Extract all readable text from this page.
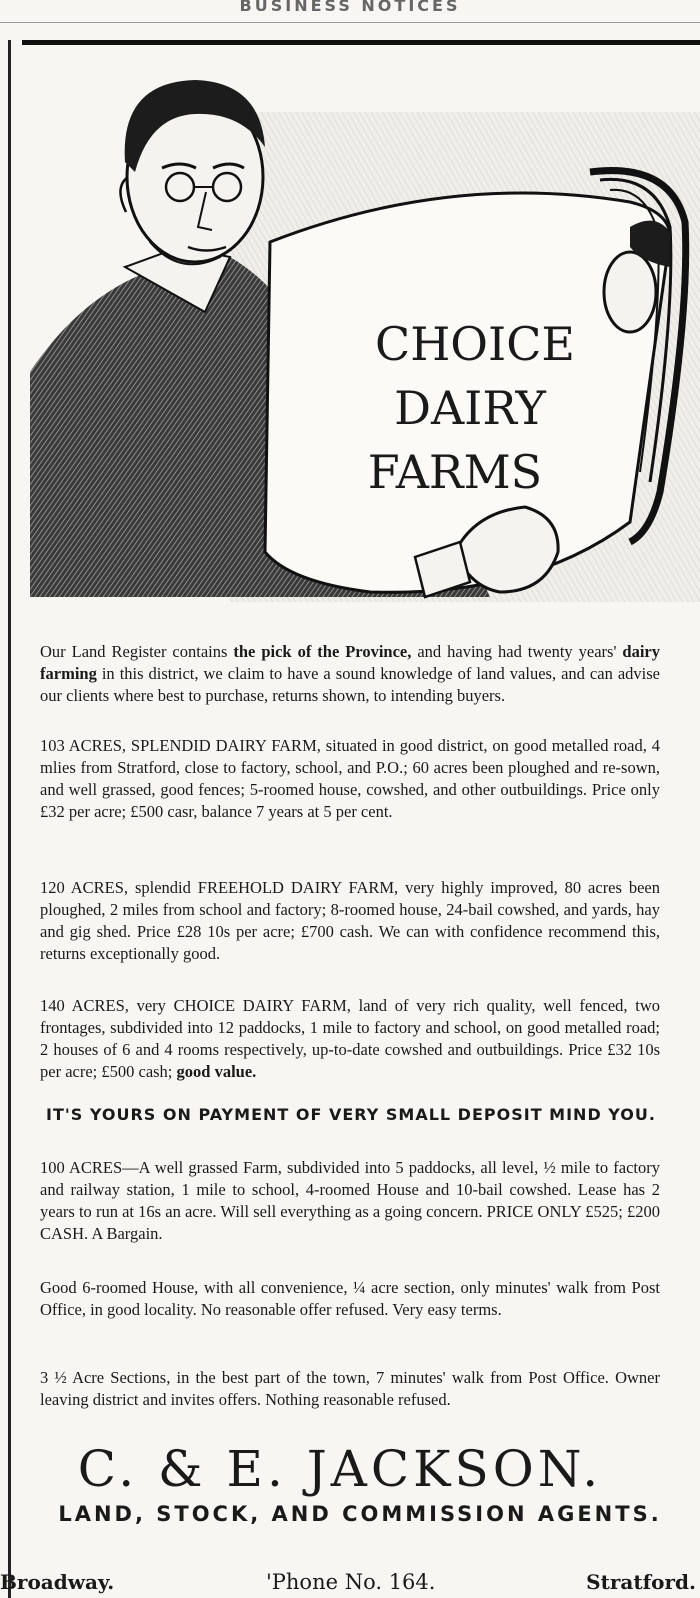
BUSINESS NOTICES
CHOICE
DAIRY
FARMS

Our Land Register contains the pick of the Province, and having had twenty years' dairy farming in this district, we claim to have a sound knowledge of land values, and can advise our clients where best to purchase, returns shown, to intending buyers.

103 ACRES, SPLENDID DAIRY FARM, situated in good district, on good metalled road, 4 mlies from Stratford, close to factory, school, and P.O.; 60 acres been ploughed and re-sown, and well grassed, good fences; 5-roomed house, cowshed, and other outbuildings. Price only £32 per acre; £500 casr, balance 7 years at 5 per cent.

120 ACRES, splendid FREEHOLD DAIRY FARM, very highly improved, 80 acres been ploughed, 2 miles from school and factory; 8-roomed house, 24-bail cowshed, and yards, hay and gig shed. Price £28 10s per acre; £700 cash. We can with confidence recommend this, returns exceptionally good.

140 ACRES, very CHOICE DAIRY FARM, land of very rich quality, well fenced, two frontages, subdivided into 12 paddocks, 1 mile to factory and school, on good metalled road; 2 houses of 6 and 4 rooms respectively, up-to-date cowshed and outbuildings. Price £32 10s per acre; £500 cash; good value.

IT'S YOURS ON PAYMENT OF VERY SMALL DEPOSIT MIND YOU.

100 ACRES—A well grassed Farm, subdivided into 5 paddocks, all level, ½ mile to factory and railway station, 1 mile to school, 4-roomed House and 10-bail cowshed. Lease has 2 years to run at 16s an acre. Will sell everything as a going concern. PRICE ONLY £525; £200 CASH. A Bargain.

Good 6-roomed House, with all convenience, ¼ acre section, only minutes' walk from Post Office, in good locality. No reasonable offer refused. Very easy terms.

3 ½ Acre Sections, in the best part of the town, 7 minutes' walk from Post Office. Owner leaving district and invites offers. Nothing reasonable refused.

C. & E. JACKSON.
LAND, STOCK, AND COMMISSION AGENTS.
Broadway.	'Phone No. 164.	Stratford.
